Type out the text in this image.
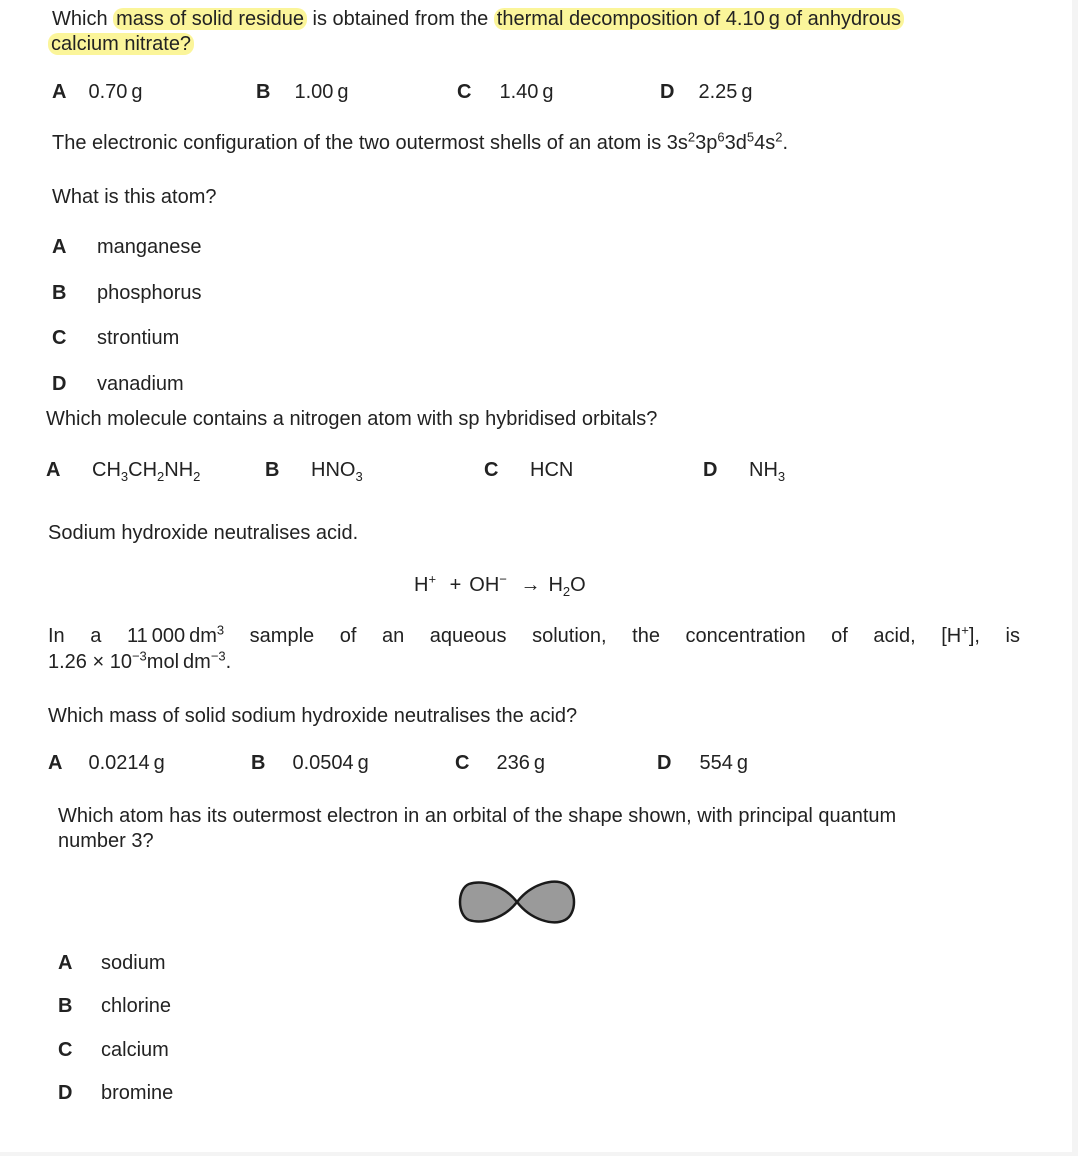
Which mass of solid residue is obtained from the thermal decomposition of 4.10 g of anhydrous
calcium nitrate?
A 0.70 g	B 1.00 g	C 1.40 g	D 2.25 g
The electronic configuration of the two outermost shells of an atom is $3s^23p^63d^54s^2$.
What is this atom?
A manganese
B phosphorus
C strontium
D vanadium
Which molecule contains a nitrogen atom with sp hybridised orbitals?
A $CH_3CH_2NH_2$	B $HNO_3$	C HCN	D $NH_3$
Sodium hydroxide neutralises acid.
$H^+ + OH^- \to H_2O$
In a 11 000 $dm^3$ sample of an aqueous solution, the concentration of acid, [H+], is
$1.26 \times 10^{-3}mol$ $dm^{-3}$.
Which mass of solid sodium hydroxide neutralises the acid?
A 0.0214 g	B 0.0504 g	C 236 g	D 554 g
Which atom has its outermost electron in an orbital of the shape shown, with principal quantum
number 3?
A sodium
B chlorine
C calcium
D bromine
